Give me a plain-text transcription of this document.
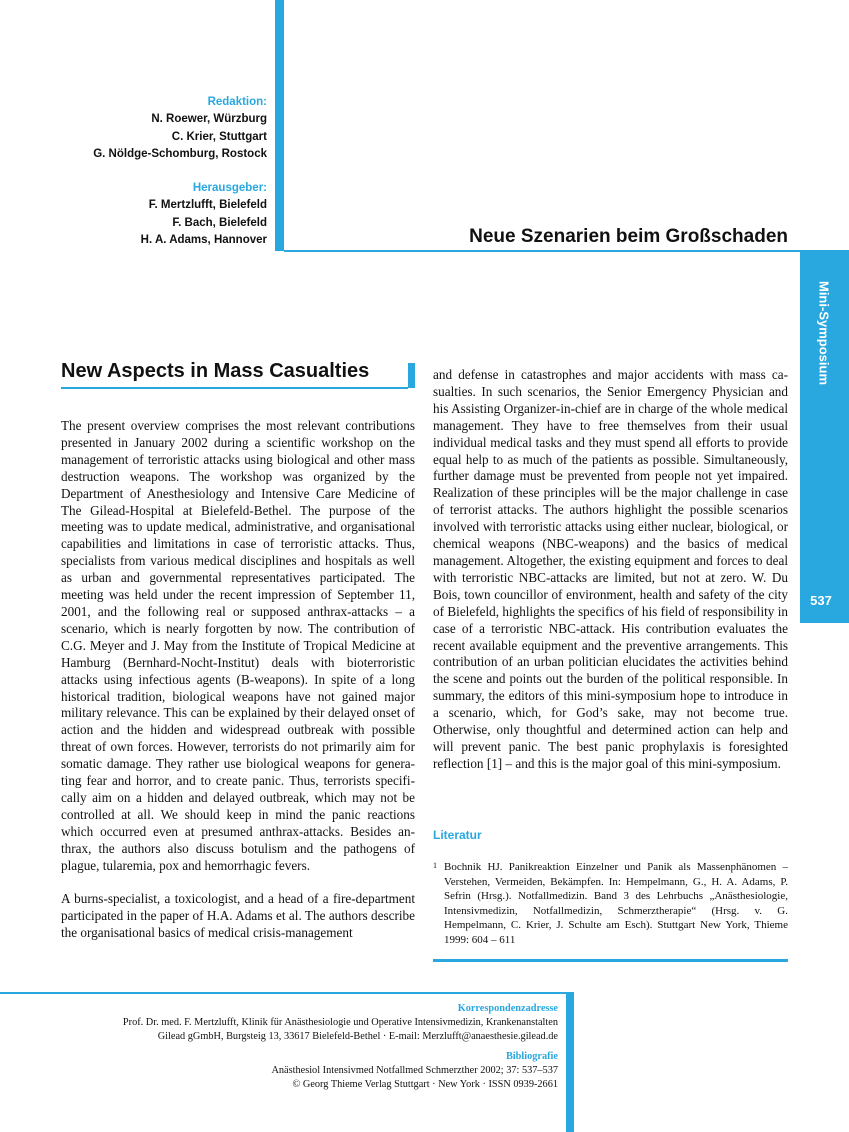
Redaktion:
N. Roewer, Würzburg
C. Krier, Stuttgart
G. Nöldge-Schomburg, Rostock
Herausgeber:
F. Mertzlufft, Bielefeld
F. Bach, Bielefeld
H. A. Adams, Hannover	Neue Szenarien beim Großschaden
Mini-Symposium
537
New Aspects in Mass Casualties

The present overview comprises the most relevant contributions presented in January 2002 during a scientific workshop on the management of terroristic attacks using biological and other mass destruction weapons. The workshop was organized by the Department of Anesthesiology and Intensive Care Medicine of The Gilead-Hospital at Bielefeld-Bethel. The purpose of the meeting was to update medical, administrative, and organisational capabilities and limitations in case of terroristic attacks. Thus, specialists from various medical disciplines and hospitals as well as urban and governmental representatives participated. The meeting was held under the recent impression of September 11, 2001, and the following real or supposed anthrax-attacks – a scenario, which is nearly forgotten by now. The contribution of C.G. Meyer and J. May from the Institute of Tropical Medicine at Hamburg (Bernhard-Nocht-Institut) deals with bioterroristic attacks using infectious agents (B-weapons). In spite of a long historical tradition, biological weapons have not gained major military relevance. This can be explained by their delayed onset of action and the hidden and widespread outbreak with possible threat of own forces. However, terrorists do not primarily aim for somatic damage. They rather use biological weapons for generating fear and horror, and to create panic. Thus, terrorists specifically aim on a hidden and delayed outbreak, which may not be controlled at all. We should keep in mind the panic reactions which occurred even at presumed anthrax-attacks. Besides anthrax, the authors also discuss botulism and the pathogens of plague, tularemia, pox and hemorrhagic fevers.

A burns-specialist, a toxicologist, and a head of a fire-department participated in the paper of H.A. Adams et al. The authors describe the organisational basics of medical crisis-management

and defense in catastrophes and major accidents with mass casualties. In such scenarios, the Senior Emergency Physician and his Assisting Organizer-in-chief are in charge of the whole medical management. They have to free themselves from their usual individual medical tasks and they must spend all efforts to provide equal help to as much of the patients as possible. Simultaneously, further damage must be prevented from people not yet impaired. Realization of these principles will be the major challenge in case of terrorist attacks. The authors highlight the possible scenarios involved with terroristic attacks using either nuclear, biological, or chemical weapons (NBC-weapons) and the basics of medical management. Altogether, the existing equipment and forces to deal with terroristic NBC-attacks are limited, but not at zero. W. Du Bois, town councillor of environment, health and safety of the city of Bielefeld, highlights the specifics of his field of responsibility in case of a terroristic NBC-attack. His contribution evaluates the recent available equipment and the preventive arrangements. This contribution of an urban politician elucidates the activities behind the scene and points out the burden of the political responsible. In summary, the editors of this mini-symposium hope to introduce in a scenario, which, for God’s sake, may not become true. Otherwise, only thoughtful and determined action can help and will prevent panic. The best panic prophylaxis is foresighted reflection [1] – and this is the major goal of this mini-symposium.

Literatur
1 Bochnik HJ. Panikreaktion Einzelner und Panik als Massenphänomen – Verstehen, Vermeiden, Bekämpfen. In: Hempelmann, G., H. A. Adams, P. Sefrin (Hrsg.). Notfallmedizin. Band 3 des Lehrbuchs „Anästhesiologie, Intensivmedizin, Notfallmedizin, Schmerztherapie“ (Hrsg. v. G. Hempelmann, C. Krier, J. Schulte am Esch). Stuttgart New York, Thieme 1999: 604 – 611
Korrespondenzadresse
Prof. Dr. med. F. Mertzlufft, Klinik für Anästhesiologie und Operative Intensivmedizin, Krankenanstalten
Gilead gGmbH, Burgsteig 13, 33617 Bielefeld-Bethel · E-mail: Merzlufft@anaesthesie.gilead.de
Bibliografie
Anästhesiol Intensivmed Notfallmed Schmerzther 2002; 37: 537–537
© Georg Thieme Verlag Stuttgart · New York · ISSN 0939-2661
